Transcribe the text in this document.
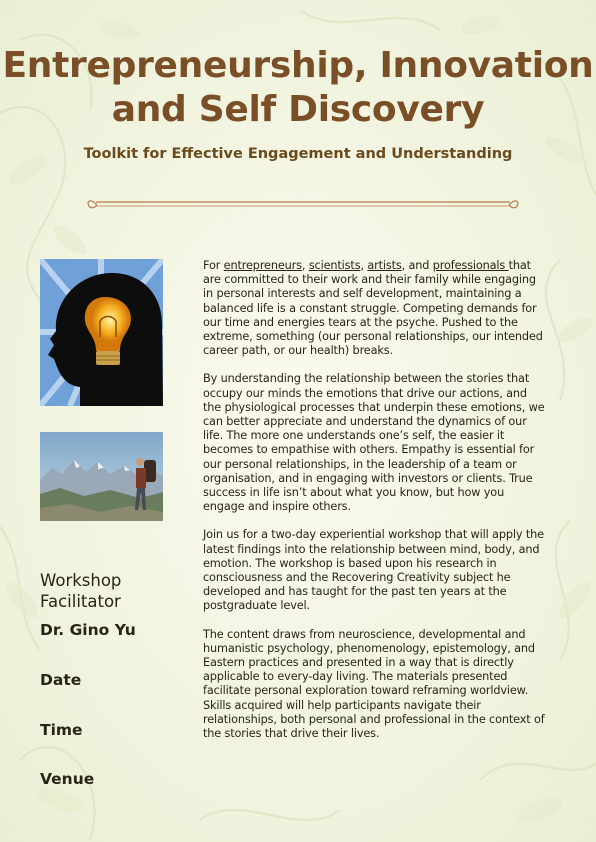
Entrepreneurship, Innovation
and Self Discovery

Toolkit for Effective Engagement and Understanding

Workshop Facilitator
Dr. Gino Yu
Date
Time
Venue

For entrepreneurs, scientists, artists, and professionals that are committed to their work and their family while engaging in personal interests and self development, maintaining a balanced life is a constant struggle. Competing demands for our time and energies tears at the psyche. Pushed to the extreme, something (our personal relationships, our intended career path, or our health) breaks.

By understanding the relationship between the stories that occupy our minds the emotions that drive our actions, and the physiological processes that underpin these emotions, we can better appreciate and understand the dynamics of our life. The more one understands one’s self, the easier it becomes to empathise with others. Empathy is essential for our personal relationships, in the leadership of a team or organisation, and in engaging with investors or clients. True success in life isn’t about what you know, but how you engage and inspire others.

Join us for a two-day experiential workshop that will apply the latest findings into the relationship between mind, body, and emotion. The workshop is based upon his research in consciousness and the Recovering Creativity subject he developed and has taught for the past ten years at the postgraduate level.

The content draws from neuroscience, developmental and humanistic psychology, phenomenology, epistemology, and Eastern practices and presented in a way that is directly applicable to every-day living. The materials presented facilitate personal exploration toward reframing worldview. Skills acquired will help participants navigate their relationships, both personal and professional in the context of the stories that drive their lives.
